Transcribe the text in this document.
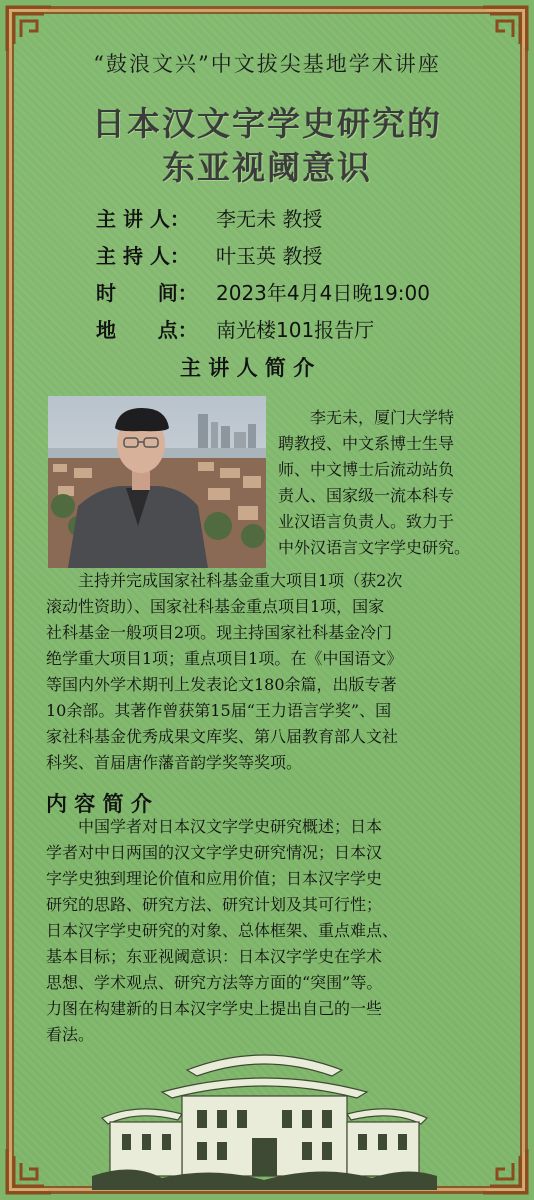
“鼓浪文兴”中文拔尖基地学术讲座
日本汉文字学史研究的
东亚视阈意识
主 讲 人： 李无未 教授
主 持 人： 叶玉英 教授
时      间： 2023年4月4日晚19:00
地      点： 南光楼101报告厅
主 讲 人 简 介
　　李无未，厦门大学特
聘教授、中文系博士生导
师、中文博士后流动站负
责人、国家级一流本科专
业汉语言负责人。致力于
中外汉语言文字学史研究。
　　主持并完成国家社科基金重大项目1项（获2次
滚动性资助）、国家社科基金重点项目1项，国家
社科基金一般项目2项。现主持国家社科基金冷门
绝学重大项目1项；重点项目1项。在《中国语文》
等国内外学术期刊上发表论文180余篇，出版专著
10余部。其著作曾获第15届“王力语言学奖”、国
家社科基金优秀成果文库奖、第八届教育部人文社
科奖、首届唐作藩音韵学奖等奖项。
内 容 简 介
　　中国学者对日本汉文字学史研究概述；日本
学者对中日两国的汉文字学史研究情况；日本汉
字学史独到理论价值和应用价值；日本汉字学史
研究的思路、研究方法、研究计划及其可行性；
日本汉字学史研究的对象、总体框架、重点难点、
基本目标；东亚视阈意识：日本汉字学史在学术
思想、学术观点、研究方法等方面的“突围”等。
力图在构建新的日本汉字学史上提出自己的一些
看法。
